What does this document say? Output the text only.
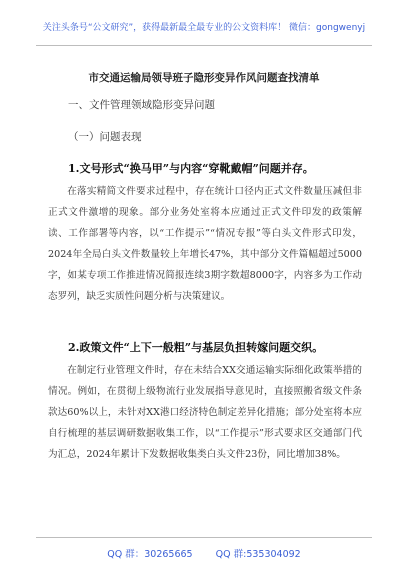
关注头条号“公文研究”，获得最新最全最专业的公文资料库！ 微信：gongwenyj
市交通运输局领导班子隐形变异作风问题查找清单
一、文件管理领域隐形变异问题
（一）问题表现
1.文号形式“换马甲”与内容“穿靴戴帽”问题并存。
在落实精简文件要求过程中，存在统计口径内正式文件数量压减但非正式文件激增的现象。部分业务处室将本应通过正式文件印发的政策解读、工作部署等内容，以“工作提示”“情况专报”等白头文件形式印发，2024年全局白头文件数量较上年增长47%，其中部分文件篇幅超过5000字，如某专项工作推进情况简报连续3期字数超8000字，内容多为工作动态罗列，缺乏实质性问题分析与决策建议。
2.政策文件“上下一般粗”与基层负担转嫁问题交织。
在制定行业管理文件时，存在未结合XX交通运输实际细化政策举措的情况。例如，在贯彻上级物流行业发展指导意见时，直接照搬省级文件条款达60%以上，未针对XX港口经济特色制定差异化措施；部分处室将本应自行梳理的基层调研数据收集工作，以“工作提示”形式要求区交通部门代为汇总，2024年累计下发数据收集类白头文件23份，同比增加38%。
QQ 群：30265665 QQ 群:535304092
